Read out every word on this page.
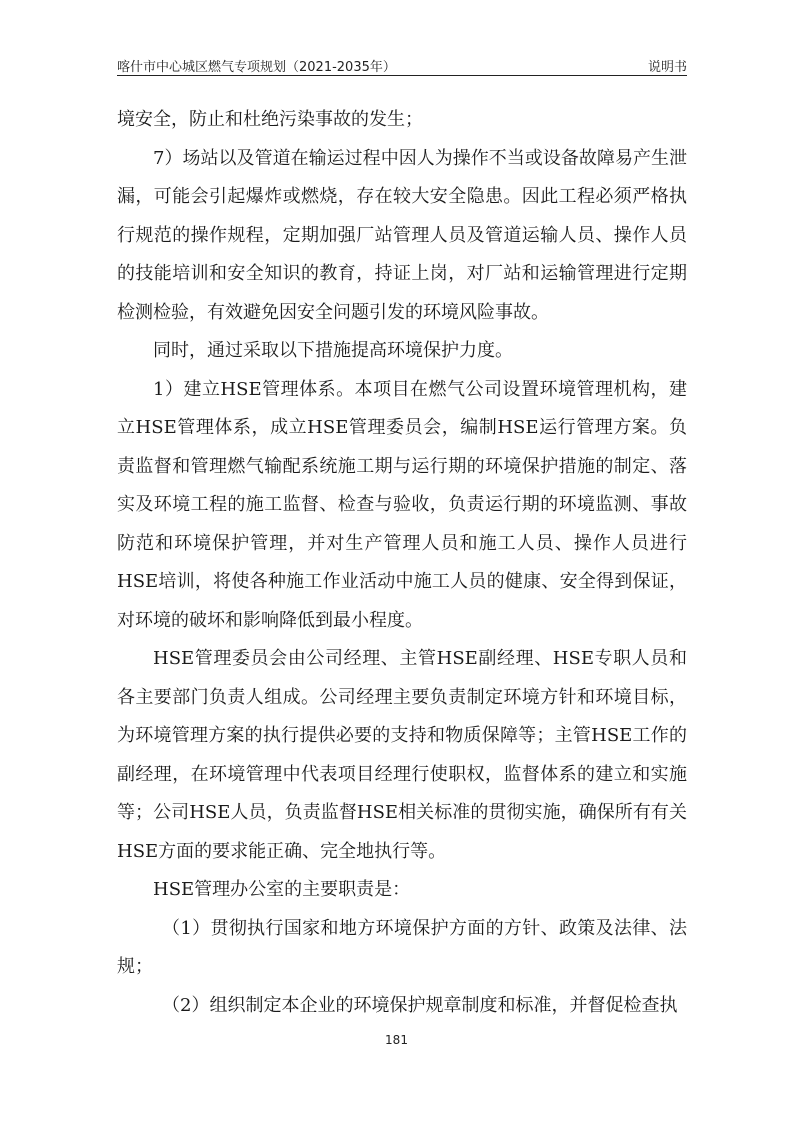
喀什市中心城区燃气专项规划（2021-2035年）	说明书

境安全，防止和杜绝污染事故的发生；

7）场站以及管道在输运过程中因人为操作不当或设备故障易产生泄漏，可能会引起爆炸或燃烧，存在较大安全隐患。因此工程必须严格执行规范的操作规程，定期加强厂站管理人员及管道运输人员、操作人员的技能培训和安全知识的教育，持证上岗，对厂站和运输管理进行定期检测检验，有效避免因安全问题引发的环境风险事故。

同时，通过采取以下措施提高环境保护力度。

1）建立HSE管理体系。本项目在燃气公司设置环境管理机构，建立HSE管理体系，成立HSE管理委员会，编制HSE运行管理方案。负责监督和管理燃气输配系统施工期与运行期的环境保护措施的制定、落实及环境工程的施工监督、检查与验收，负责运行期的环境监测、事故防范和环境保护管理，并对生产管理人员和施工人员、操作人员进行HSE培训，将使各种施工作业活动中施工人员的健康、安全得到保证，对环境的破坏和影响降低到最小程度。

HSE管理委员会由公司经理、主管HSE副经理、HSE专职人员和各主要部门负责人组成。公司经理主要负责制定环境方针和环境目标，为环境管理方案的执行提供必要的支持和物质保障等；主管HSE工作的副经理，在环境管理中代表项目经理行使职权，监督体系的建立和实施等；公司HSE人员，负责监督HSE相关标准的贯彻实施，确保所有有关HSE方面的要求能正确、完全地执行等。

HSE管理办公室的主要职责是：

（1）贯彻执行国家和地方环境保护方面的方针、政策及法律、法规；

（2）组织制定本企业的环境保护规章制度和标准，并督促检查执

181
